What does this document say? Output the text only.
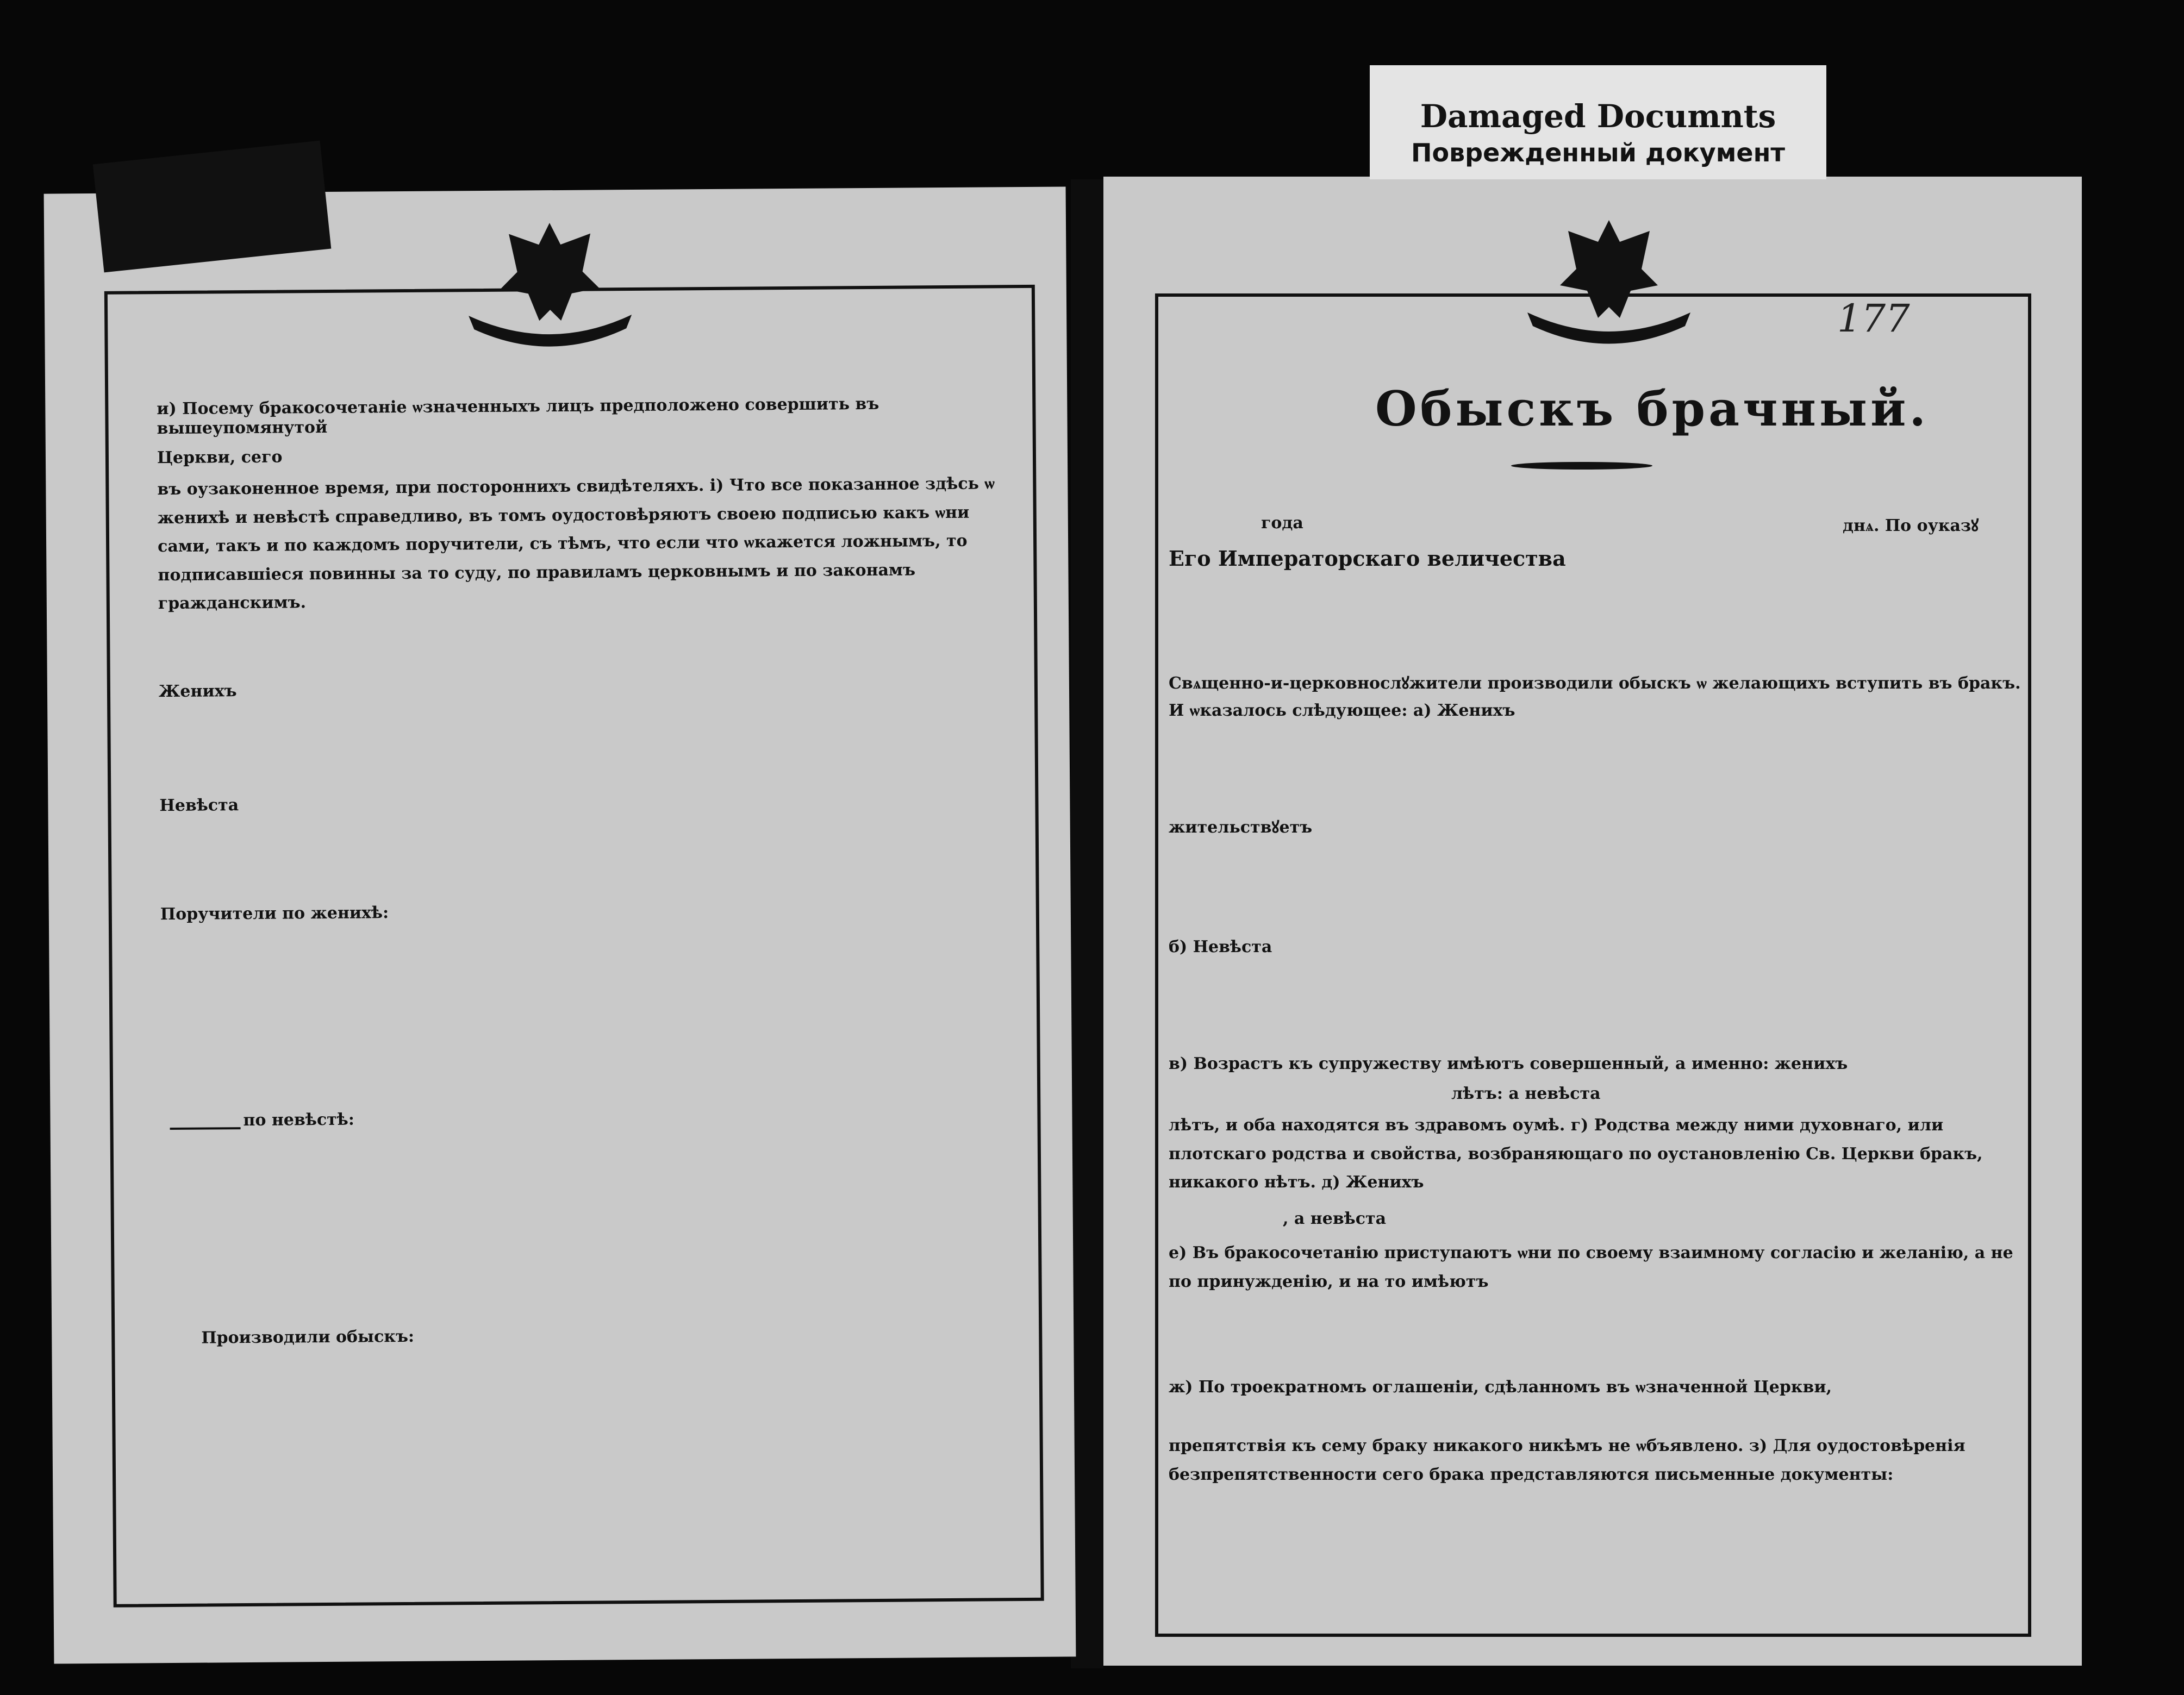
и) Посему бракосочетаніе ѡзначенныхъ лицъ предположено совершить въ вышеупомянутой
Церкви, сего
въ оузаконенное время, при постороннихъ свидѣтеляхъ. і) Что все показанное здѣсь ѡ женихѣ и невѣстѣ справедливо, въ томъ оудостовѣряютъ своею подписью какъ ѡни сами, такъ и по каждомъ поручители, съ тѣмъ, что если что ѡкажется ложнымъ, то подписавшіеся повинны за то суду, по правиламъ церковнымъ и по законамъ гражданскимъ.
Женихъ
Невѣста
Поручители по женихѣ:
по невѣстѣ:
Производили обыскъ:
177
Обыскъ брачный.
года	днѧ. По оуказꙋ
Его Императорскаго величества
Свѧщенно-и-церковнослꙋжители производили обыскъ ѡ желающихъ вступить въ бракъ.
И ѡказалось слѣдующее: а) Женихъ
жительствꙋетъ
б) Невѣста
в) Возрастъ къ супружеству имѣютъ совершенный, а именно: женихъ
лѣтъ: а невѣста
лѣтъ, и оба находятся въ здравомъ оумѣ. г) Родства между ними духовнаго, или плотскаго родства и свойства, возбраняющаго по оустановленію Св. Церкви бракъ, никакого нѣтъ. д) Женихъ
, а невѣста
е) Въ бракосочетанію приступаютъ ѡни по своему взаимному согласію и желанію, а не по принужденію, и на то имѣютъ
ж) По троекратномъ оглашеніи, сдѣланномъ въ ѡзначенной Церкви,
препятствія къ сему браку никакого никѣмъ не ѡбъявлено. з) Для оудостовѣренія безпрепятственности сего брака представляются письменные документы:
Damaged Documnts
Поврежденный документ
